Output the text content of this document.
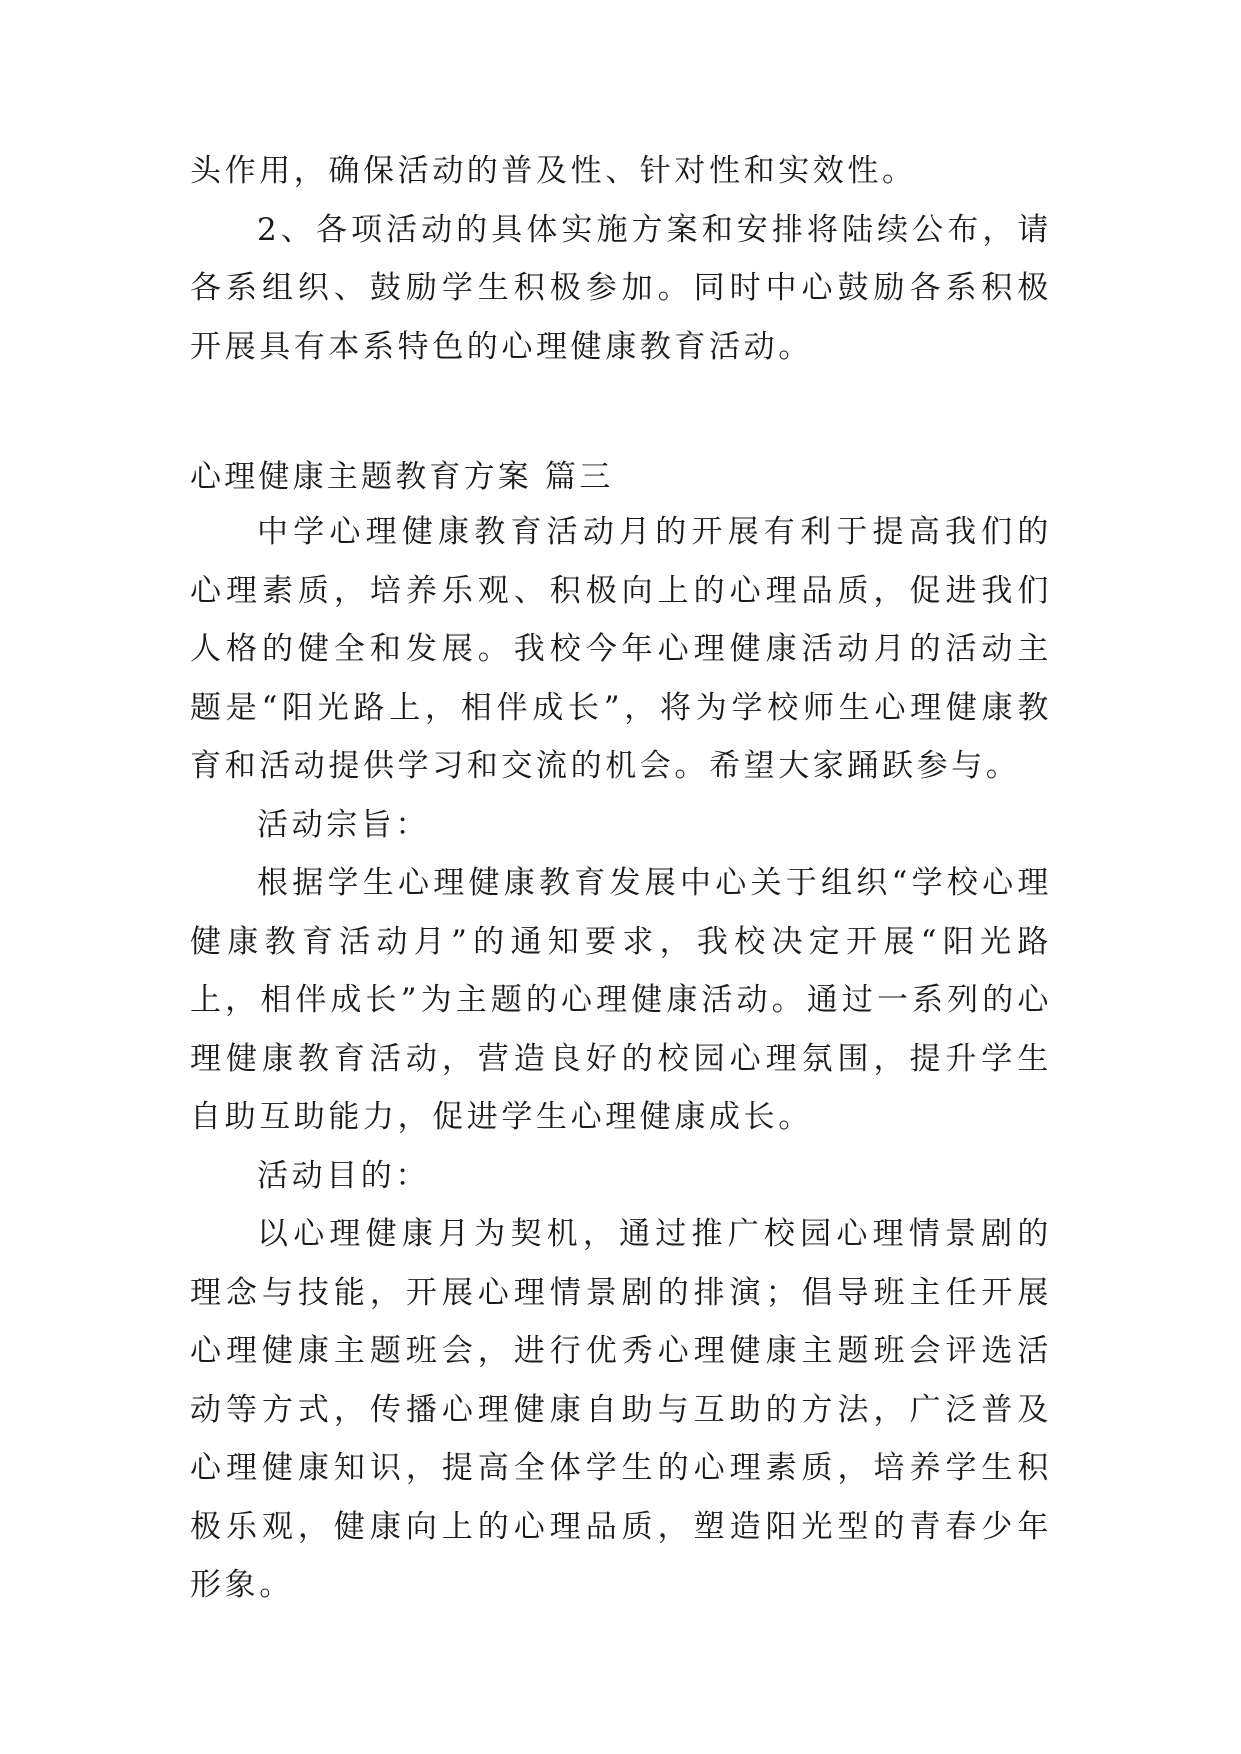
头作用，确保活动的普及性、针对性和实效性。

2、各项活动的具体实施方案和安排将陆续公布，请各系组织、鼓励学生积极参加。同时中心鼓励各系积极开展具有本系特色的心理健康教育活动。

心理健康主题教育方案 篇三

中学心理健康教育活动月的开展有利于提高我们的心理素质，培养乐观、积极向上的心理品质，促进我们人格的健全和发展。我校今年心理健康活动月的活动主题是“阳光路上，相伴成长”，将为学校师生心理健康教育和活动提供学习和交流的机会。希望大家踊跃参与。

活动宗旨：

根据学生心理健康教育发展中心关于组织“学校心理健康教育活动月”的通知要求，我校决定开展“阳光路上，相伴成长”为主题的心理健康活动。通过一系列的心理健康教育活动，营造良好的校园心理氛围，提升学生自助互助能力，促进学生心理健康成长。

活动目的：

以心理健康月为契机，通过推广校园心理情景剧的理念与技能，开展心理情景剧的排演；倡导班主任开展心理健康主题班会，进行优秀心理健康主题班会评选活动等方式，传播心理健康自助与互助的方法，广泛普及心理健康知识，提高全体学生的心理素质，培养学生积极乐观，健康向上的心理品质，塑造阳光型的青春少年形象。
